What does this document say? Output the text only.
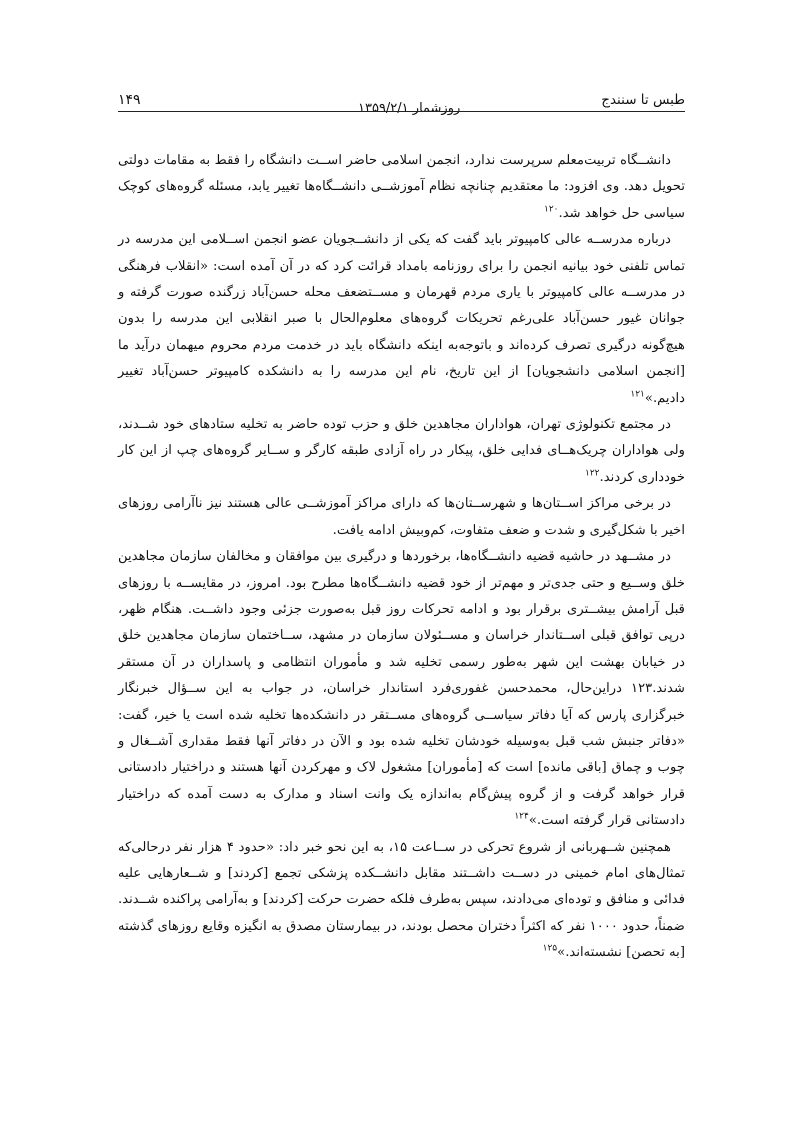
طبس تا سنندج
روزشمار ۱۳۵۹/۲/۱
۱۴۹

دانشــگاه تربیت‌معلم سرپرست ندارد، انجمن اسلامی حاضر اســت دانشگاه را فقط به مقامات دولتی تحویل دهد. وی افزود: ما معتقدیم چنانچه نظام آموزشــی دانشــگاه‌ها تغییر یابد، مسئله گروه‌های کوچک سیاسی حل خواهد شد.$^{۱۲۰}$

درباره مدرســه عالی کامپیوتر باید گفت که یکی از دانشــجویان عضو انجمن اســلامی این مدرسه در تماس تلفنی خود بیانیه انجمن را برای روزنامه بامداد قرائت کرد که در آن آمده است: «انقلاب فرهنگی در مدرســه عالی کامپیوتر با یاری مردم قهرمان و مســتضعف محله حسن‌آباد زرگنده صورت گرفته و جوانان غیور حسن‌آباد علی‌رغم تحریکات گروه‌های معلوم‌الحال با صبر انقلابی این مدرسه را بدون هیچ‌گونه درگیری تصرف کرده‌اند و باتوجه‌به اینکه دانشگاه باید در خدمت مردم محروم میهمان درآید ما [انجمن اسلامی دانشجویان] از این تاریخ، نام این مدرسه را به دانشکده کامپیوتر حسن‌آباد تغییر دادیم.»$^{۱۲۱}$

در مجتمع تکنولوژی تهران، هواداران مجاهدین خلق و حزب توده حاضر به تخلیه ستادهای خود شــدند، ولی هواداران چریک‌هــای فدایی خلق، پیکار در راه آزادی طبقه کارگر و ســایر گروه‌های چپ از این کار خودداری کردند.$^{۱۲۲}$

در برخی مراکز اســتان‌ها و شهرســتان‌ها که دارای مراکز آموزشــی عالی هستند نیز ناآرامی روزهای اخیر با شکل‌گیری و شدت و ضعف متفاوت، کم‌وبیش ادامه یافت.

در مشــهد در حاشیه قضیه دانشــگاه‌ها، برخوردها و درگیری بین موافقان و مخالفان سازمان مجاهدین خلق وســیع و حتی جدی‌تر و مهم‌تر از خود قضیه دانشــگاه‌ها مطرح بود. امروز، در مقایســه با روزهای قبل آرامش بیشــتری برقرار بود و ادامه تحرکات روز قبل به‌صورت جزئی وجود داشــت. هنگام ظهر، درپی توافق قبلی اســتاندار خراسان و مســئولان سازمان در مشهد، ســاختمان سازمان مجاهدین خلق در خیابان بهشت این شهر به‌طور رسمی تخلیه شد و مأموران انتظامی و پاسداران در آن مستقر شدند.۱۲۳ دراین‌حال، محمدحسن غفوری‌فرد استاندار خراسان، در جواب به این ســؤال خبرنگار خبرگزاری پارس که آیا دفاتر سیاســی گروه‌های مســتقر در دانشکده‌ها تخلیه شده است یا خیر، گفت: «دفاتر جنبش شب قبل به‌وسیله خودشان تخلیه شده بود و الآن در دفاتر آنها فقط مقداری آشــغال و چوب و چماق [باقی مانده] است که [مأموران] مشغول لاک و مهرکردن آنها هستند و دراختیار دادستانی قرار خواهد گرفت و از گروه پیش‌گام به‌اندازه یک وانت اسناد و مدارک به دست آمده که دراختیار دادستانی قرار گرفته است.»$^{۱۲۴}$

همچنین شــهربانی از شروع تحرکی در ســاعت ۱۵، به این نحو خبر داد: «حدود ۴ هزار نفر درحالی‌که تمثال‌های امام خمینی در دســت داشــتند مقابل دانشــکده پزشکی تجمع [کردند] و شــعارهایی علیه فدائی و منافق و توده‌ای می‌دادند، سپس به‌طرف فلکه حضرت حرکت [کردند] و به‌آرامی پراکنده شــدند. ضمناً، حدود ۱۰۰۰ نفر که اکثراً دختران محصل بودند، در بیمارستان مصدق به انگیزه وقایع روزهای گذشته [به تحصن] نشسته‌اند.»$^{۱۲۵}$
